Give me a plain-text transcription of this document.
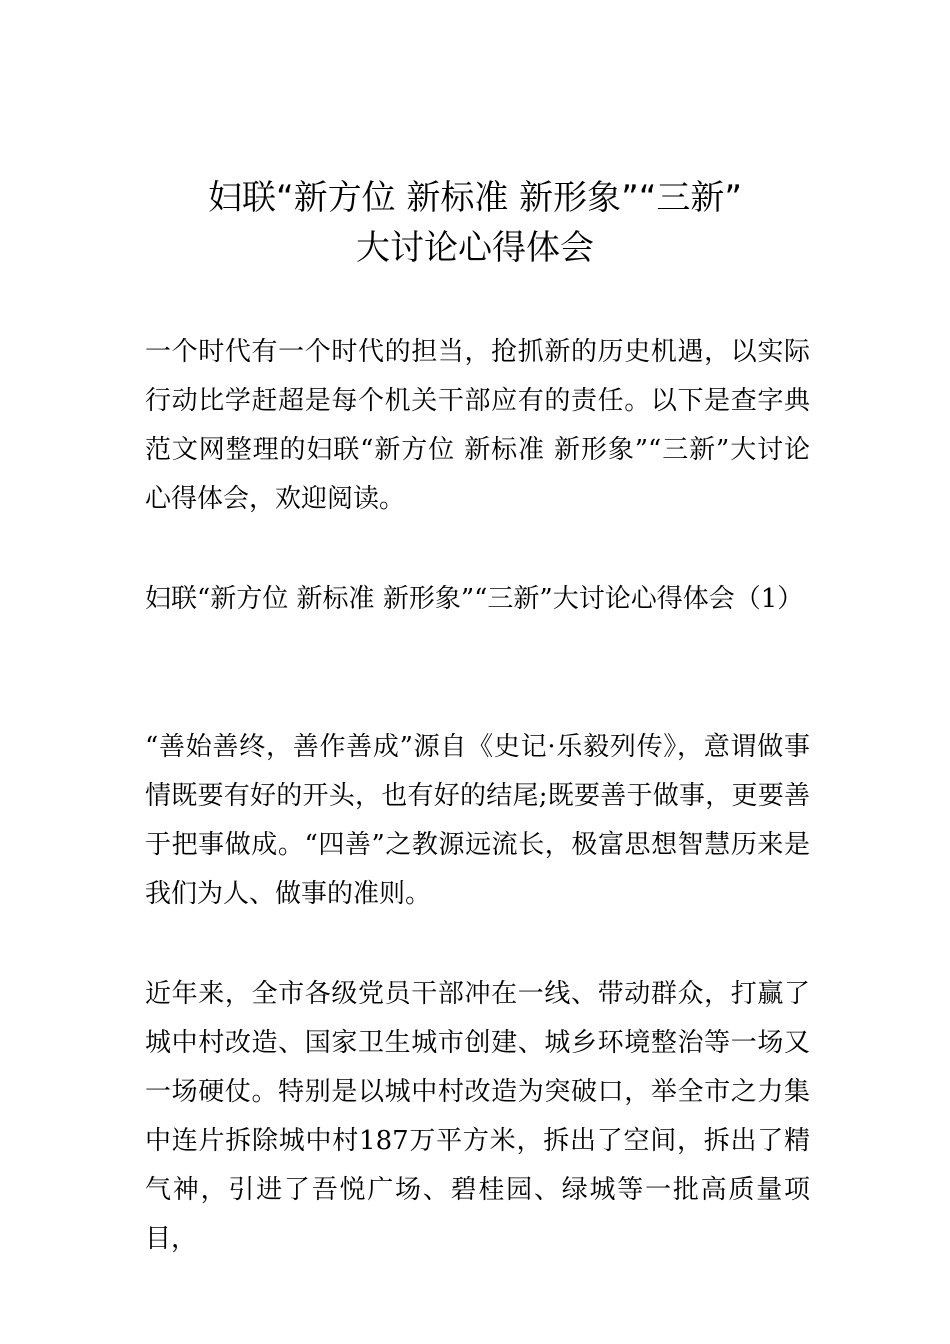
妇联“新方位 新标准 新形象”“三新”
大讨论心得体会

一个时代有一个时代的担当，抢抓新的历史机遇，以实际行动比学赶超是每个机关干部应有的责任。以下是查字典范文网整理的妇联“新方位 新标准 新形象”“三新”大讨论心得体会，欢迎阅读。

妇联“新方位 新标准 新形象”“三新”大讨论心得体会（1）

“善始善终，善作善成”源自《史记·乐毅列传》，意谓做事情既要有好的开头，也有好的结尾;既要善于做事，更要善于把事做成。“四善”之教源远流长，极富思想智慧历来是我们为人、做事的准则。

近年来，全市各级党员干部冲在一线、带动群众，打赢了城中村改造、国家卫生城市创建、城乡环境整治等一场又一场硬仗。特别是以城中村改造为突破口，举全市之力集中连片拆除城中村187万平方米，拆出了空间，拆出了精气神，引进了吾悦广场、碧桂园、绿城等一批高质量项目，
